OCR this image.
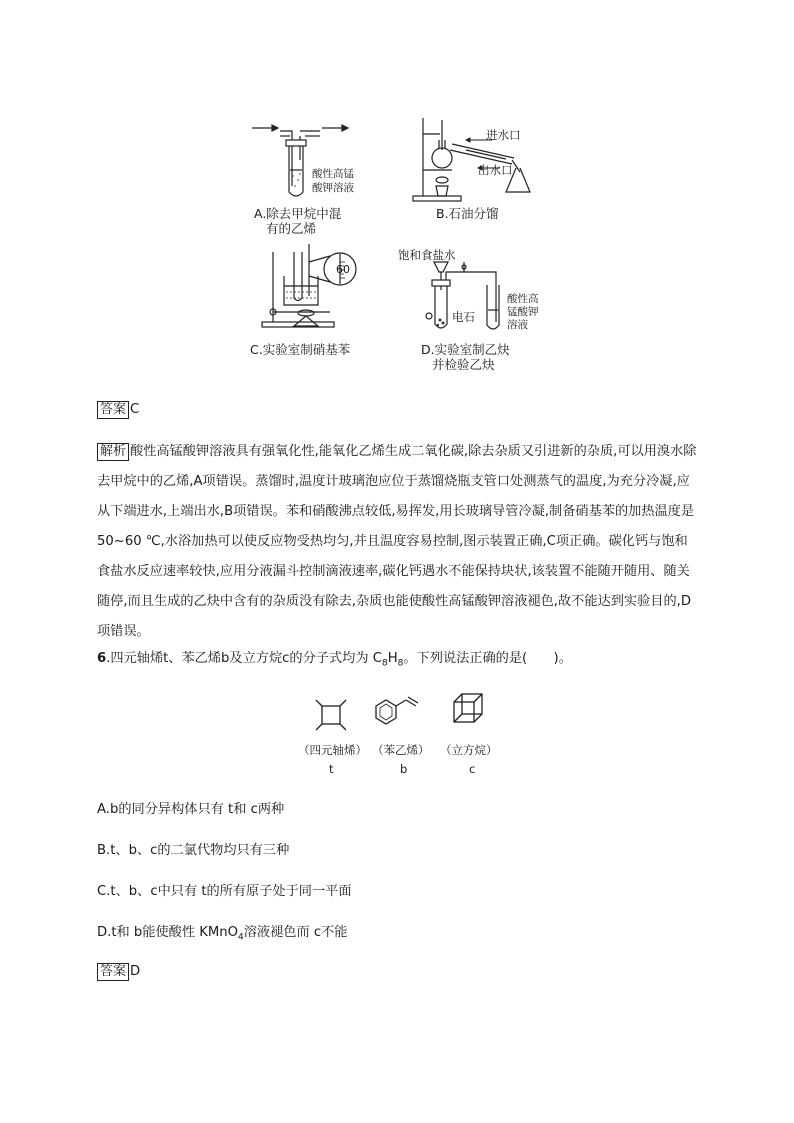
酸性高锰
酸钾溶液
A.除去甲烷中混
有的乙烯
进水口
出水口
B.石油分馏
60
C.实验室制硝基苯
饱和食盐水
电石
酸性高
锰酸钾
溶液
D.实验室制乙炔
并检验乙炔
答案 C
解析 酸性高锰酸钾溶液具有强氧化性,能氧化乙烯生成二氧化碳,除去杂质又引进新的杂质,可以用溴水除去甲烷中的乙烯,A项错误。蒸馏时,温度计玻璃泡应位于蒸馏烧瓶支管口处测蒸气的温度,为充分冷凝,应从下端进水,上端出水,B项错误。苯和硝酸沸点较低,易挥发,用长玻璃导管冷凝,制备硝基苯的加热温度是 50~60 ℃,水浴加热可以使反应物受热均匀,并且温度容易控制,图示装置正确,C项正确。碳化钙与饱和食盐水反应速率较快,应用分液漏斗控制滴液速率,碳化钙遇水不能保持块状,该装置不能随开随用、随关随停,而且生成的乙炔中含有的杂质没有除去,杂质也能使酸性高锰酸钾溶液褪色,故不能达到实验目的,D项错误。
6.四元轴烯t、苯乙烯b及立方烷c的分子式均为 $C_8H_8$。下列说法正确的是(　　)。
（四元轴烯）
t
（苯乙烯）
b
（立方烷）
c
A.b的同分异构体只有 t和 c两种
B.t、b、c的二氯代物均只有三种
C.t、b、c中只有 t的所有原子处于同一平面
D.t和 b能使酸性 KMnO$_4$溶液褪色而 c不能
答案 D
